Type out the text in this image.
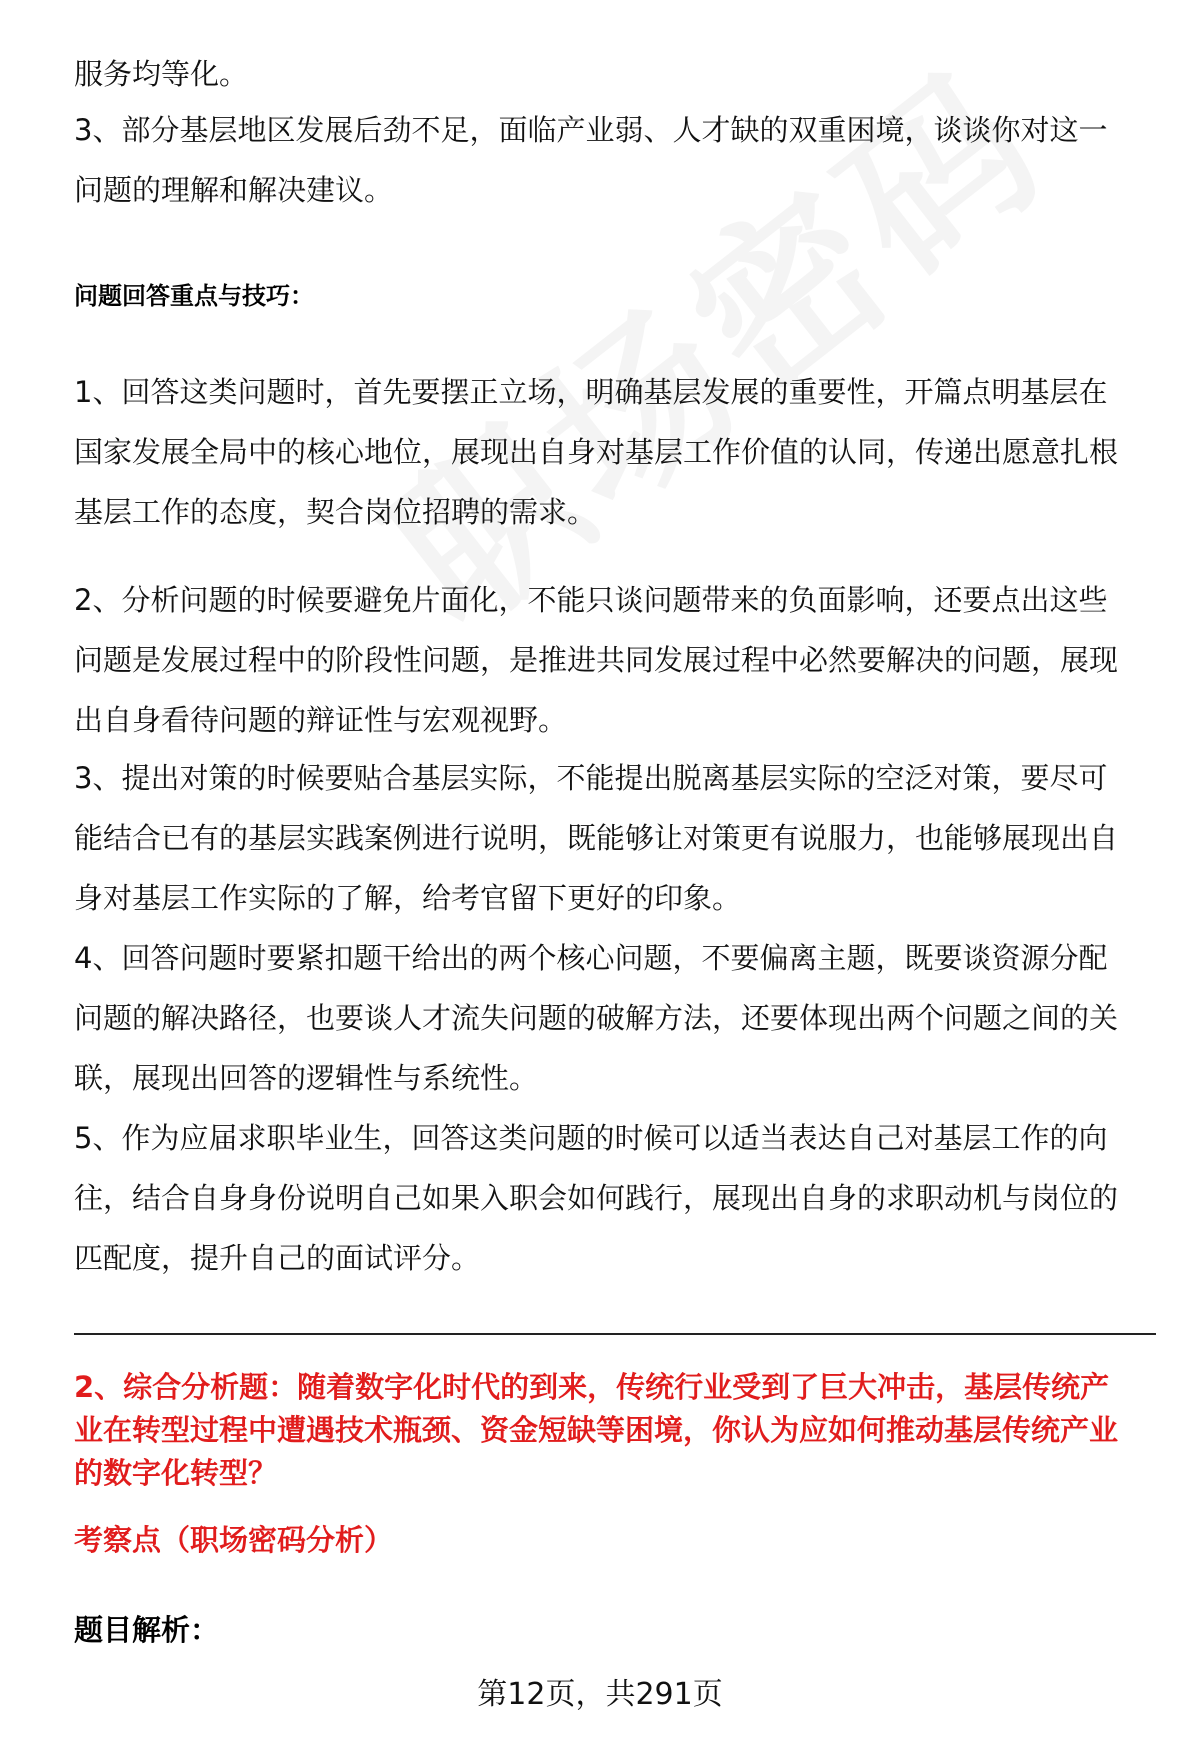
服务均等化。

3、部分基层地区发展后劲不足，面临产业弱、人才缺的双重困境，谈谈你对这一
问题的理解和解决建议。

问题回答重点与技巧：

1、回答这类问题时，首先要摆正立场，明确基层发展的重要性，开篇点明基层在
国家发展全局中的核心地位，展现出自身对基层工作价值的认同，传递出愿意扎根
基层工作的态度，契合岗位招聘的需求。

2、分析问题的时候要避免片面化，不能只谈问题带来的负面影响，还要点出这些
问题是发展过程中的阶段性问题，是推进共同发展过程中必然要解决的问题，展现
出自身看待问题的辩证性与宏观视野。

3、提出对策的时候要贴合基层实际，不能提出脱离基层实际的空泛对策，要尽可
能结合已有的基层实践案例进行说明，既能够让对策更有说服力，也能够展现出自
身对基层工作实际的了解，给考官留下更好的印象。

4、回答问题时要紧扣题干给出的两个核心问题，不要偏离主题，既要谈资源分配
问题的解决路径，也要谈人才流失问题的破解方法，还要体现出两个问题之间的关
联，展现出回答的逻辑性与系统性。

5、作为应届求职毕业生，回答这类问题的时候可以适当表达自己对基层工作的向
往，结合自身身份说明自己如果入职会如何践行，展现出自身的求职动机与岗位的
匹配度，提升自己的面试评分。

2、综合分析题：随着数字化时代的到来，传统行业受到了巨大冲击，基层传统产
业在转型过程中遭遇技术瓶颈、资金短缺等困境，你认为应如何推动基层传统产业
的数字化转型？

考察点（职场密码分析）

题目解析：

第12页，共291页
